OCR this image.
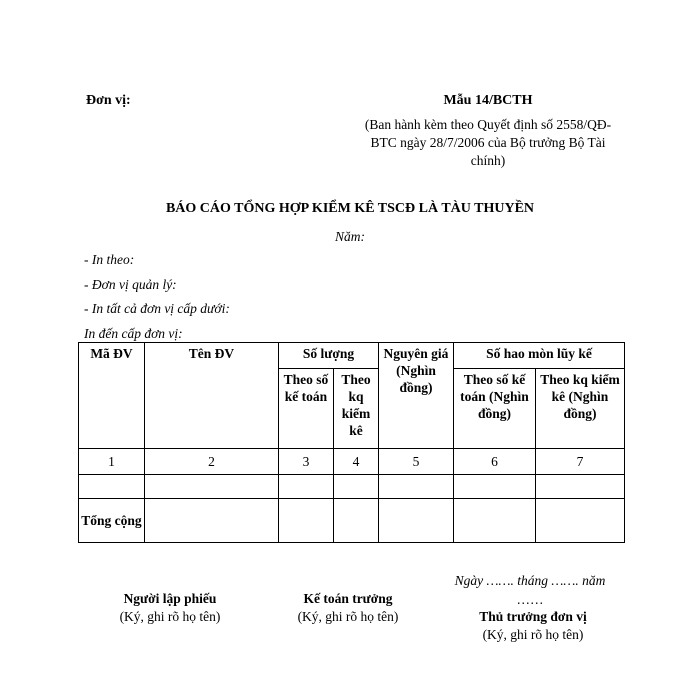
Đơn vị:	Mẫu 14/BCTH
(Ban hành kèm theo Quyết định số 2558/QĐ-BTC ngày 28/7/2006 của Bộ trưởng Bộ Tài chính)
BÁO CÁO TỔNG HỢP KIỂM KÊ TSCĐ LÀ TÀU THUYỀN
Năm:
- In theo:
- Đơn vị quản lý:
- In tất cả đơn vị cấp dưới:
In đến cấp đơn vị:
Mã ĐV	Tên ĐV	Số lượng		Nguyên giá (Nghìn đồng)	Số hao mòn lũy kế	
		Theo số kế toán	Theo kq kiểm kê		Theo số kế toán (Nghìn đồng)	Theo kq kiểm kê (Nghìn đồng)
1	2	3	4	5	6	7

Tổng cộng						
Ngày ……. tháng ……. năm
……
Người lập phiếu
(Ký, ghi rõ họ tên)
Kế toán trưởng
(Ký, ghi rõ họ tên)	Thủ trưởng đơn vị
(Ký, ghi rõ họ tên)
